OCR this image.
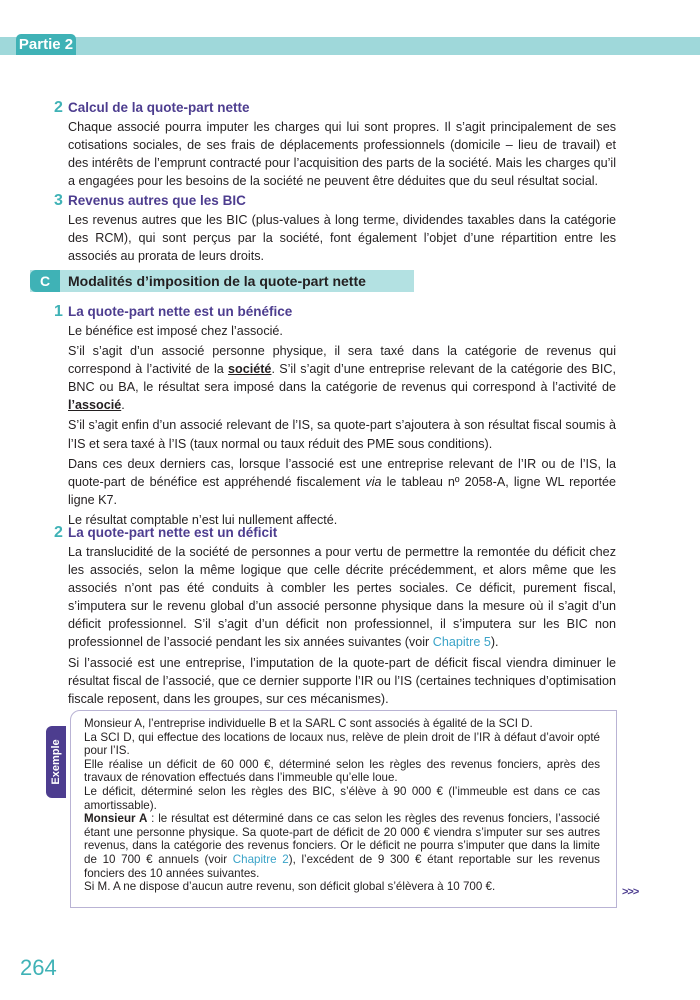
Les bénéfices industriels et commerciaux
Partie 2
2 Calcul de la quote-part nette

Chaque associé pourra imputer les charges qui lui sont propres. Il s’agit principalement de ses cotisations sociales, de ses frais de déplacements professionnels (domicile – lieu de travail) et des intérêts de l’emprunt contracté pour l’acquisition des parts de la société. Mais les charges qu’il a engagées pour les besoins de la société ne peuvent être déduites que du seul résultat social.

3 Revenus autres que les BIC

Les revenus autres que les BIC (plus-values à long terme, dividendes taxables dans la catégorie des RCM), qui sont perçus par la société, font également l’objet d’une répartition entre les associés au prorata de leurs droits.

C	Modalités d’imposition de la quote-part nette
1 La quote-part nette est un bénéfice

Le bénéfice est imposé chez l’associé.

S’il s’agit d’un associé personne physique, il sera taxé dans la catégorie de revenus qui correspond à l’activité de la société. S’il s’agit d’une entreprise relevant de la catégorie des BIC, BNC ou BA, le résultat sera imposé dans la catégorie de revenus qui correspond à l’activité de l’associé.

S’il s’agit enfin d’un associé relevant de l’IS, sa quote-part s’ajoutera à son résultat fiscal soumis à l’IS et sera taxé à l’IS (taux normal ou taux réduit des PME sous conditions).

Dans ces deux derniers cas, lorsque l’associé est une entreprise relevant de l’IR ou de l’IS, la quote-part de bénéfice est appréhendé fiscalement via le tableau nº 2058-A, ligne WL reportée ligne K7.

Le résultat comptable n’est lui nullement affecté.

2 La quote-part nette est un déficit

La translucidité de la société de personnes a pour vertu de permettre la remontée du déficit chez les associés, selon la même logique que celle décrite précédemment, et alors même que les associés n’ont pas été conduits à combler les pertes sociales. Ce déficit, purement fiscal, s’imputera sur le revenu global d’un associé personne physique dans la mesure où il s’agit d’un déficit professionnel. S’il s’agit d’un déficit non professionnel, il s’imputera sur les BIC non professionnel de l’associé pendant les six années suivantes (voir Chapitre 5).

Si l’associé est une entreprise, l’imputation de la quote-part de déficit fiscal viendra diminuer le résultat fiscal de l’associé, que ce dernier supporte l’IR ou l’IS (certaines techniques d’optimisation fiscale reposent, dans les groupes, sur ces mécanismes).

Exemple

Monsieur A, l’entreprise individuelle B et la SARL C sont associés à égalité de la SCI D.

La SCI D, qui effectue des locations de locaux nus, relève de plein droit de l’IR à défaut d’avoir opté pour l’IS.

Elle réalise un déficit de 60 000 €, déterminé selon les règles des revenus fonciers, après des travaux de rénovation effectués dans l’immeuble qu’elle loue.

Le déficit, déterminé selon les règles des BIC, s’élève à 90 000 € (l’immeuble est dans ce cas amortissable).

Monsieur A : le résultat est déterminé dans ce cas selon les règles des revenus fonciers, l’associé étant une personne physique. Sa quote-part de déficit de 20 000 € viendra s’imputer sur ses autres revenus, dans la catégorie des revenus fonciers. Or le déficit ne pourra s’imputer que dans la limite de 10 700 € annuels (voir Chapitre 2), l’excédent de 9 300 € étant reportable sur les revenus fonciers des 10 années suivantes.

Si M. A ne dispose d’aucun autre revenu, son déficit global s’élèvera à 10 700 €.	>>>
264
